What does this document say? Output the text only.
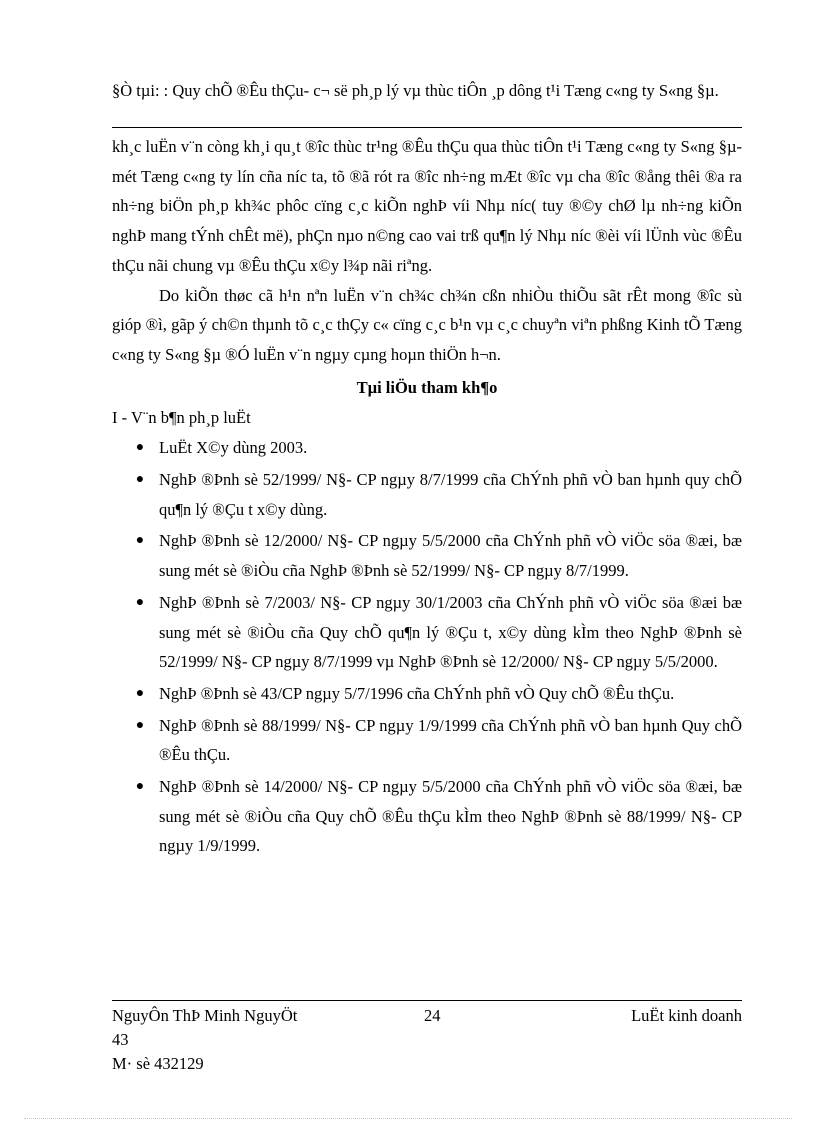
§Ò tµi: : Quy chÕ ®Êu thÇu- c¬ së ph¸p lý vµ thùc tiÔn ¸p dông t¹i Tæng c«ng ty S«ng §µ.

kh¸c luËn v¨n còng kh¸i qu¸t ®îc thùc tr¹ng ®Êu thÇu qua thùc tiÔn t¹i Tæng c«ng ty S«ng §µ- mét Tæng c«ng ty lín cña níc ta, tõ ®ã rót ra ®îc nh÷ng mÆt ®îc vµ cha ®îc ®ång thêi ®a ra nh÷ng biÖn ph¸p kh¾c phôc cïng c¸c kiÕn nghÞ víi Nhµ níc( tuy ®©y chØ lµ nh÷ng kiÕn nghÞ mang tÝnh chÊt më), phÇn nµo n©ng cao vai trß qu¶n lý Nhµ níc ®èi víi lÜnh vùc ®Êu thÇu nãi chung vµ ®Êu thÇu x©y l¾p nãi riªng.

Do kiÕn thøc cã h¹n nªn luËn v¨n ch¾c ch¾n cßn nhiÒu thiÕu sãt rÊt mong ®îc sù gióp ®ì, gãp ý ch©n thµnh tõ c¸c thÇy c« cïng c¸c b¹n vµ c¸c chuyªn viªn phßng Kinh tÕ Tæng c«ng ty S«ng §µ ®Ó luËn v¨n ngµy cµng hoµn thiÖn h¬n.

Tµi liÖu tham kh¶o
I - V¨n b¶n ph¸p luËt
● LuËt X©y dùng 2003.
● NghÞ ®Þnh sè 52/1999/ N§- CP ngµy 8/7/1999 cña ChÝnh phñ vÒ ban hµnh quy chÕ qu¶n lý ®Çu t x©y dùng.
● NghÞ ®Þnh sè 12/2000/ N§- CP ngµy 5/5/2000 cña ChÝnh phñ vÒ viÖc söa ®æi, bæ sung mét sè ®iÒu cña NghÞ ®Þnh sè 52/1999/ N§- CP ngµy 8/7/1999.
● NghÞ ®Þnh sè 7/2003/ N§- CP ngµy 30/1/2003 cña ChÝnh phñ vÒ viÖc söa ®æi bæ sung mét sè ®iÒu cña Quy chÕ qu¶n lý ®Çu t, x©y dùng kÌm theo NghÞ ®Þnh sè 52/1999/ N§- CP ngµy 8/7/1999 vµ NghÞ ®Þnh sè 12/2000/ N§- CP ngµy 5/5/2000.
● NghÞ ®Þnh sè 43/CP ngµy 5/7/1996 cña ChÝnh phñ vÒ Quy chÕ ®Êu thÇu.
● NghÞ ®Þnh sè 88/1999/ N§- CP ngµy 1/9/1999 cña ChÝnh phñ vÒ ban hµnh Quy chÕ ®Êu thÇu.
● NghÞ ®Þnh sè 14/2000/ N§- CP ngµy 5/5/2000 cña ChÝnh phñ vÒ viÖc söa ®æi, bæ sung mét sè ®iÒu cña Quy chÕ ®Êu thÇu kÌm theo NghÞ ®Þnh sè 88/1999/ N§- CP ngµy 1/9/1999.
NguyÔn ThÞ Minh NguyÖt	24	LuËt kinh doanh
43
M· sè 432129
